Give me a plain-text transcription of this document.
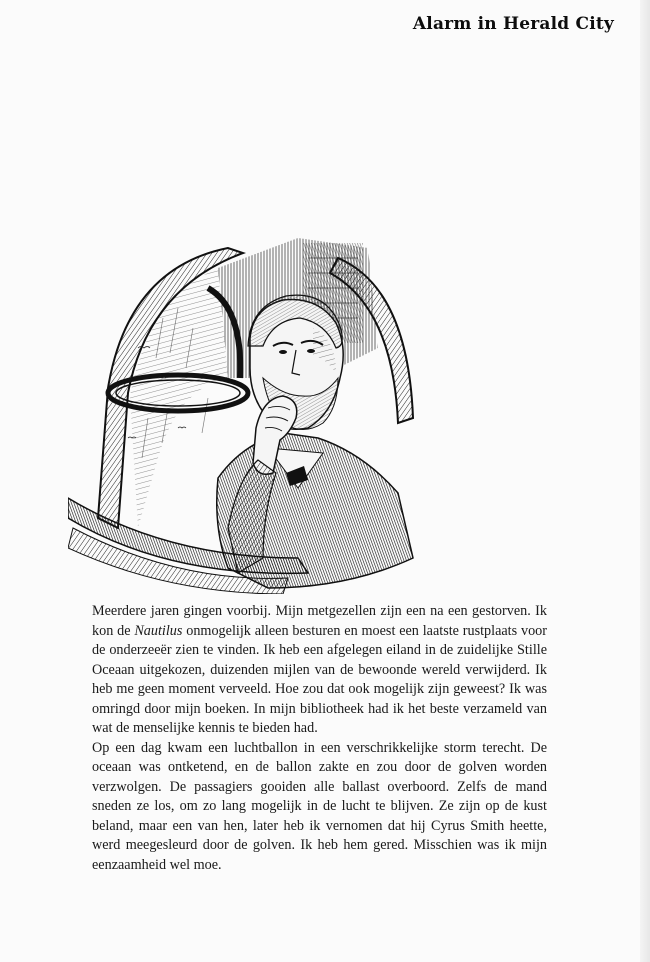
Alarm in Herald City

Meerdere jaren gingen voorbij. Mijn metgezellen zijn een na een gestorven. Ik kon de Nautilus onmogelijk alleen besturen en moest een laatste rustplaats voor de onderzeeër zien te vinden. Ik heb een afgelegen eiland in de zuidelijke Stille Oceaan uitgekozen, duizenden mijlen van de bewoonde wereld verwijderd. Ik heb me geen moment verveeld. Hoe zou dat ook mogelijk zijn geweest? Ik was omringd door mijn boeken. In mijn bibliotheek had ik het beste verzameld van wat de menselijke kennis te bieden had.

Op een dag kwam een luchtballon in een verschrikkelijke storm terecht. De oceaan was ontketend, en de ballon zakte en zou door de golven worden verzwolgen. De passagiers gooiden alle ballast overboord. Zelfs de mand sneden ze los, om zo lang mogelijk in de lucht te blijven. Ze zijn op de kust beland, maar een van hen, later heb ik vernomen dat hij Cyrus Smith heette, werd meegesleurd door de golven. Ik heb hem gered. Misschien was ik mijn eenzaamheid wel moe.
